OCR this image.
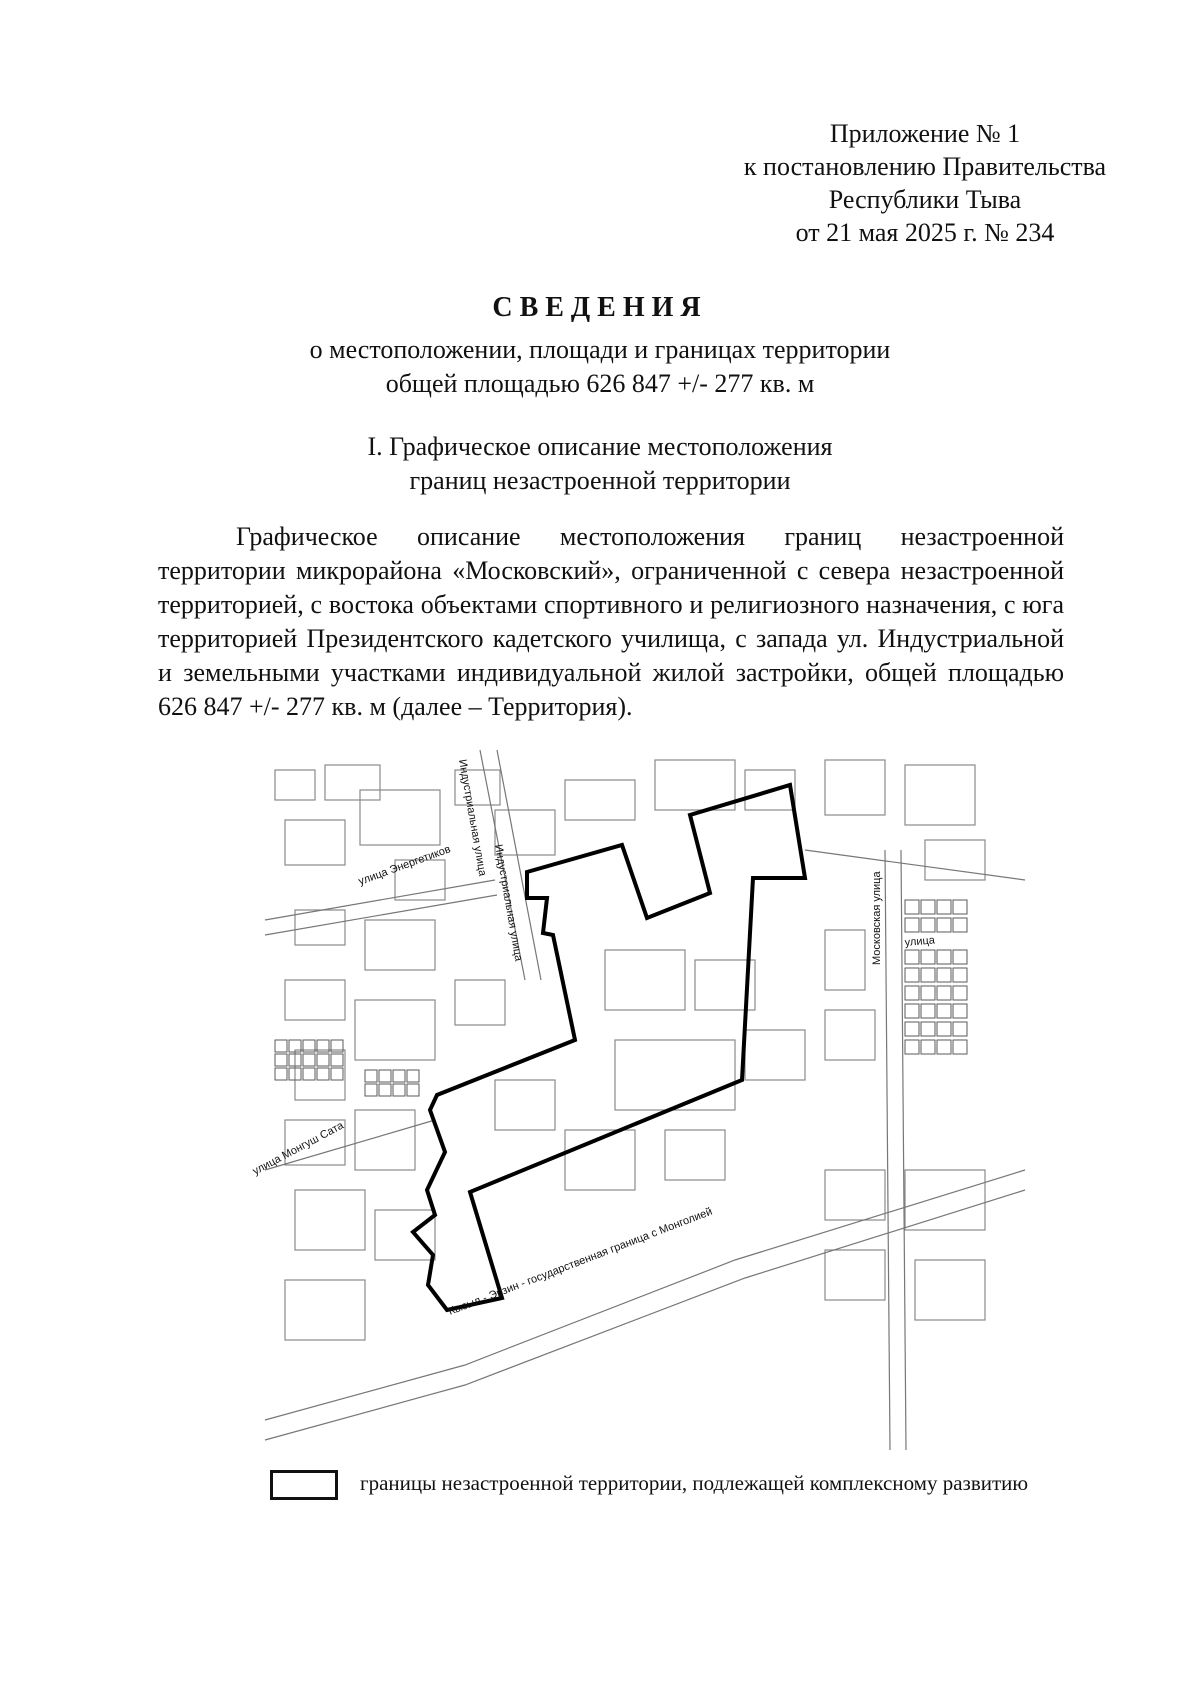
Приложение № 1
к постановлению Правительства
Республики Тыва
от 21 мая 2025 г. № 234
СВЕДЕНИЯ
о местоположении, площади и границах территории
общей площадью 626 847 +/- 277 кв. м
I. Графическое описание местоположения
границ незастроенной территории

Графическое описание местоположения границ незастроенной территории микрорайона «Московский», ограниченной с севера незастроенной территорией, с востока объектами спортивного и религиозного назначения, с юга территорией Президентского кадетского училища, с запада ул. Индустриальной и земельными участками индивидуальной жилой застройки, общей площадью 626 847 +/- 277 кв. м (далее – Территория).

Индустриальная улица
Индустриальная улица
улица Энергетиков
Московская улица улица
улица Монгуш Сата
Кызыл - Эрзин - государственная граница с Монголией

границы незастроенной территории, подлежащей комплексному развитию
